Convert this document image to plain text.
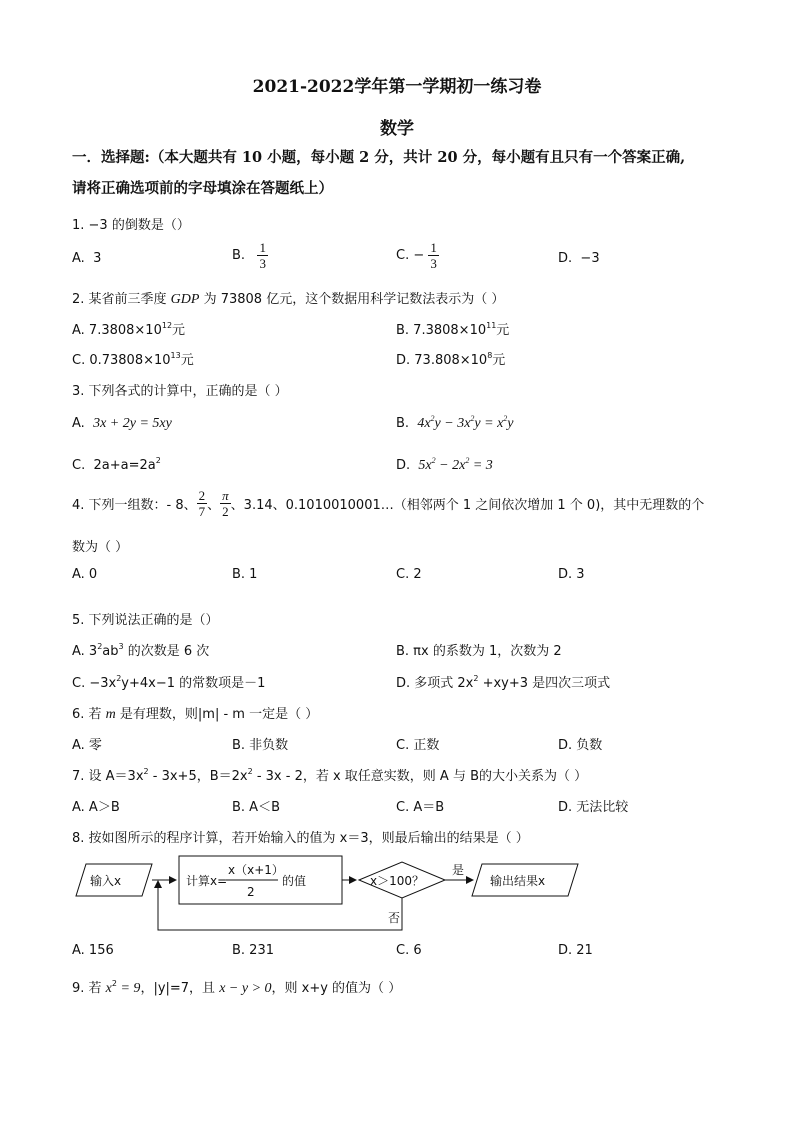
2021-2022学年第一学期初一练习卷
数学
一．选择题:（本大题共有 10 小题，每小题 2 分，共计 20 分，每小题有且只有一个答案正确,
请将正确选项前的字母填涂在答题纸上）
1. −3 的倒数是（）
A. 3	B. $\frac{1}{3}$	C. − $\frac{1}{3}$	D. −3
2. 某省前三季度 GDP 为 73808 亿元，这个数据用科学记数法表示为（ ）
A. $7.3808\times 10^{12}$元	B. $7.3808\times 10^{11}$元
C. $0.73808\times 10^{13}$元	D. $73.808\times 10^8$元
3. 下列各式的计算中，正确的是（ ）
A. 3x + 2y = 5xy	B. $4x^2y - 3x^2y = x^2y$
C. $2a+a=2a^2$	D. $5x^2 - 2x^2 = 3$
4. 下列一组数：- 8、 $\frac{2}{7}$ 、 $\frac{\pi}{2}$ 、3.14、0.1010010001…（相邻两个 1 之间依次增加 1 个 0)，其中无理数的个
数为（ ）
A. 0	B. 1	C. 2	D. 3
5. 下列说法正确的是（）
A. $3^2ab^3$ 的次数是 6 次	B. πx 的系数为 1，次数为 2
C. $-3x^2y+4x-1$ 的常数项是－1	D. 多项式 $2x^2 +xy+3$ 是四次三项式
6. 若 m 是有理数，则|m| - m 一定是（ ）
A. 零	B. 非负数	C. 正数	D. 负数
7. 设 $A=3x^2 - 3x+5$，$B=2x^2 - 3x - 2$，若 x 取任意实数，则 A 与 B的大小关系为（ ）
A. A＞B	B. A＜B	C. A＝B	D. 无法比较
8. 按如图所示的程序计算，若开始输入的值为 x＝3，则最后输出的结果是（ ）
输入x	计算x=
x（x+1）
2
的值	x＞100？
是
输出结果x
否
A. 156	B. 231	C. 6	D. 21
9. 若 $x^2 = 9$，|y|=7，且 x − y > 0，则 x+y 的值为（ ）
